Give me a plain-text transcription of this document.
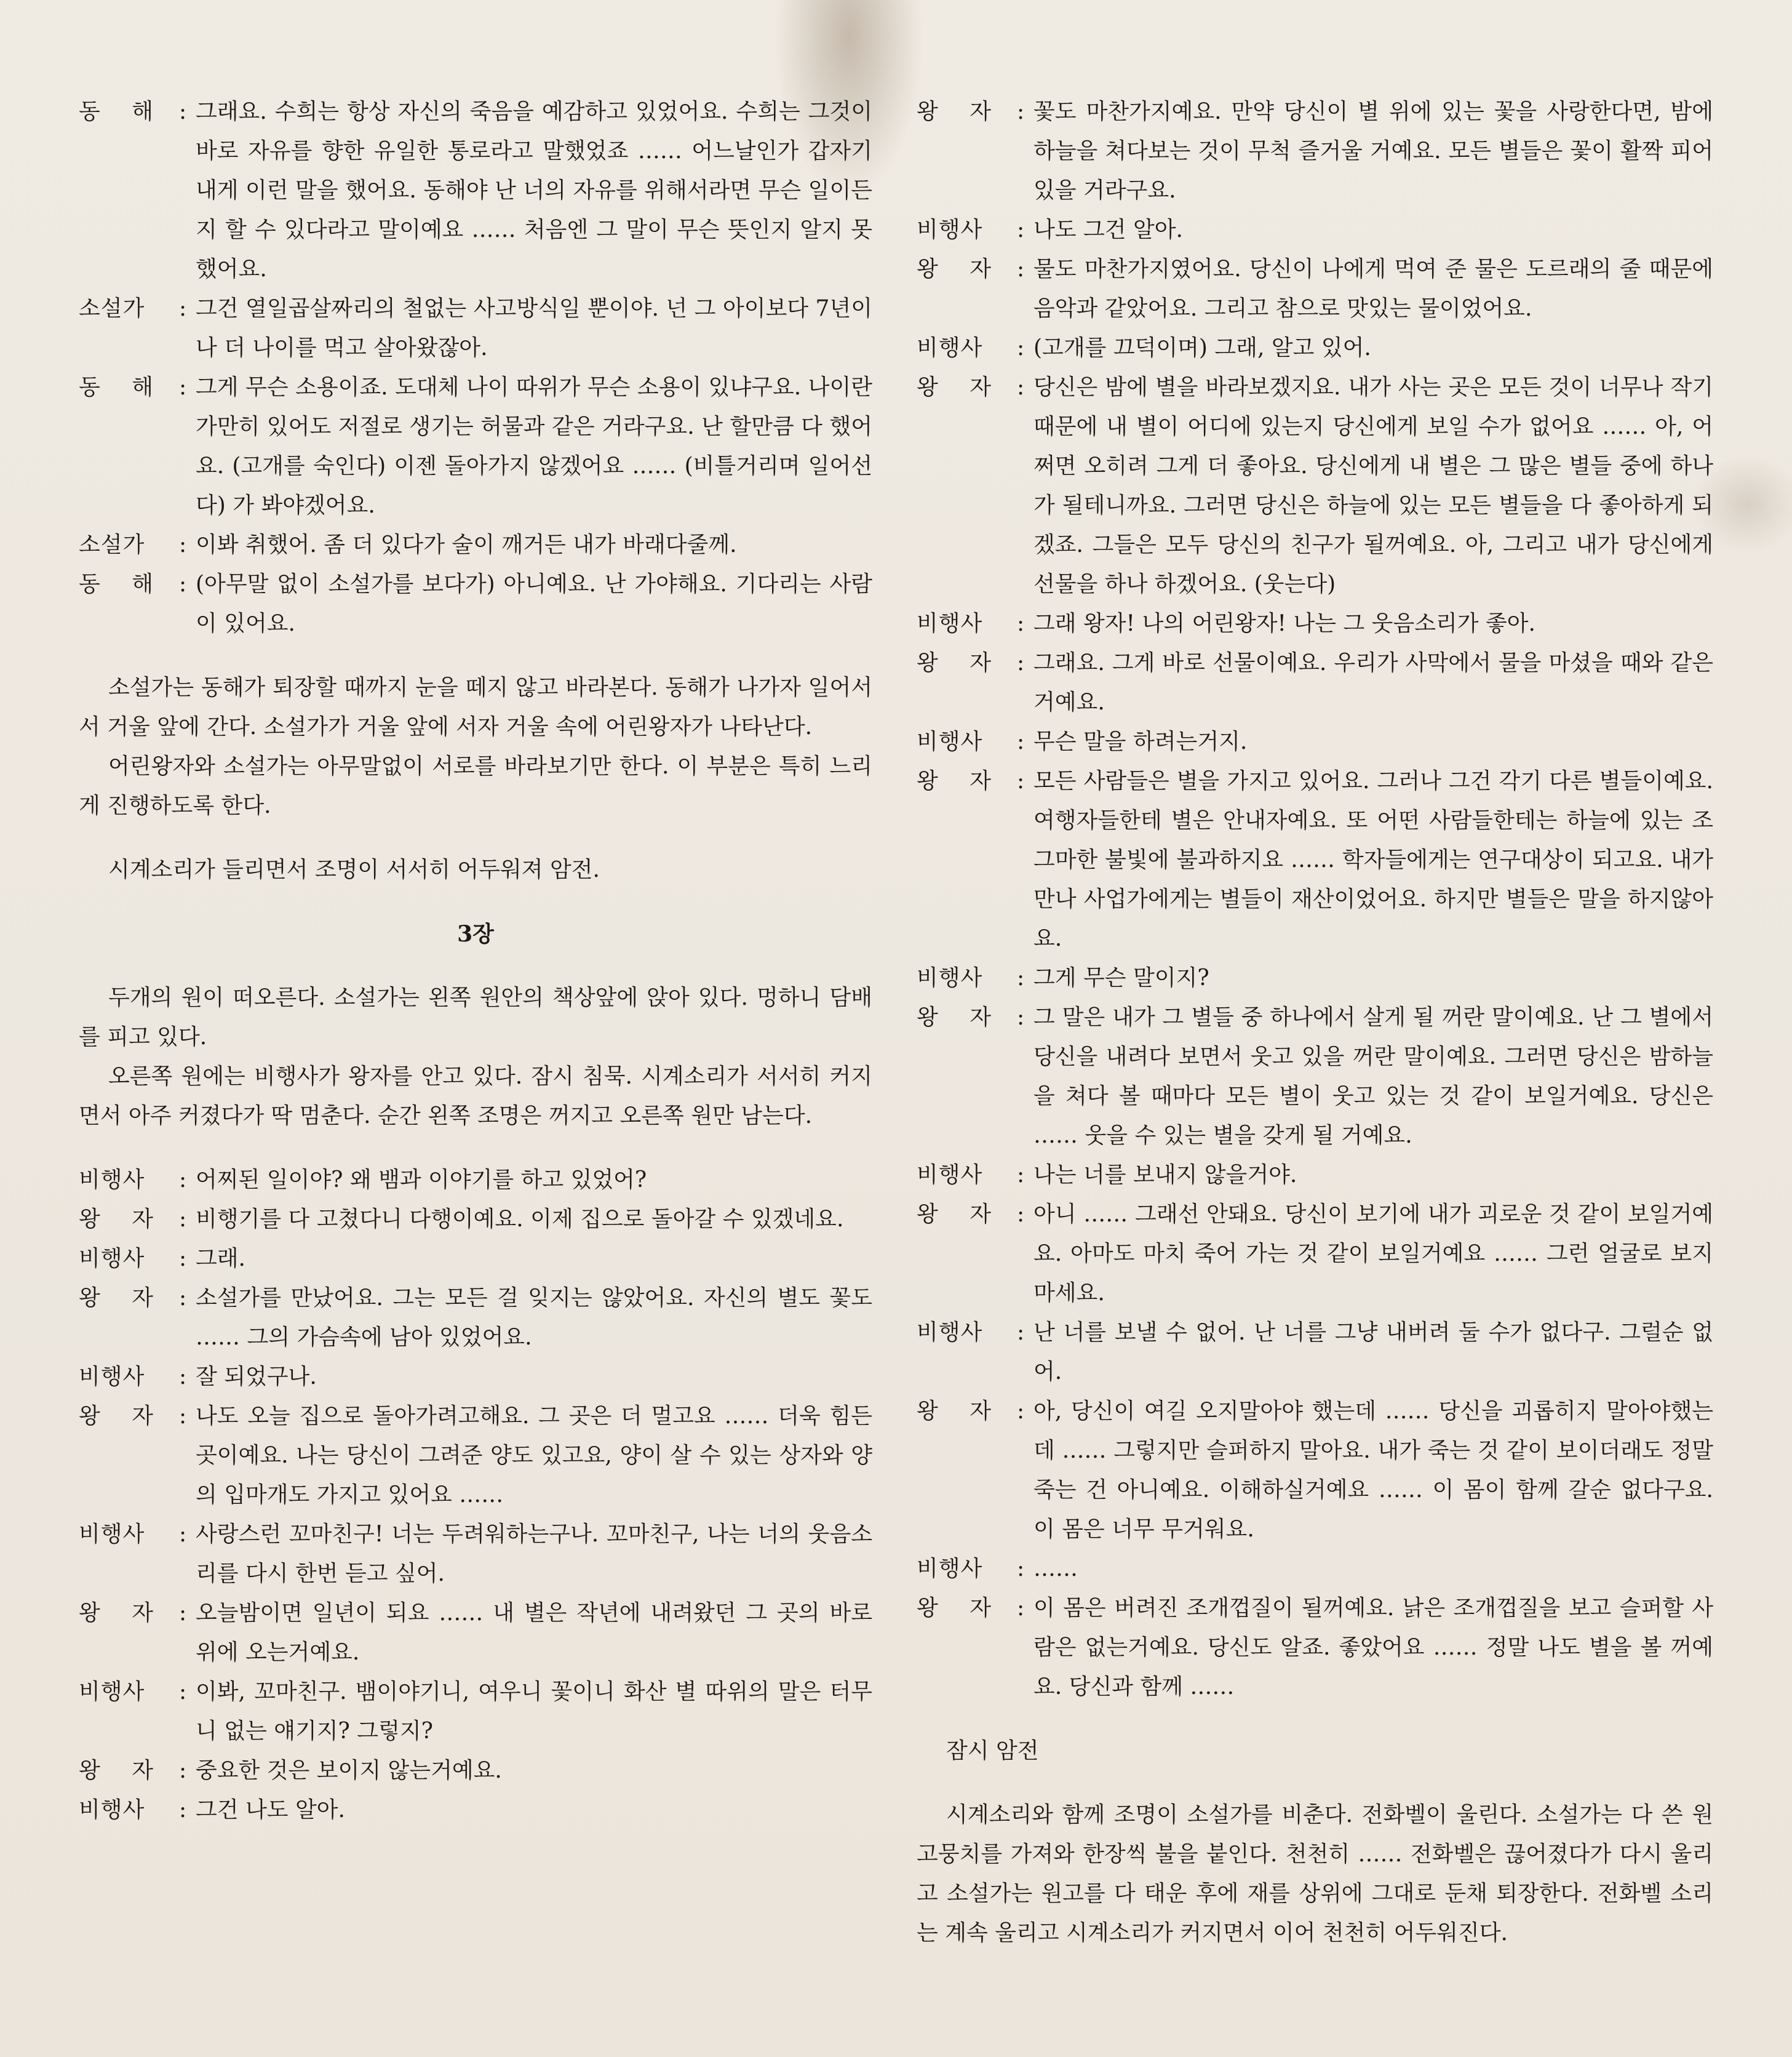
동 해 : 그래요. 수희는 항상 자신의 죽음을 예감하고 있었어요. 수희는 그것이 바로 자유를 향한 유일한 통로라고 말했었죠 …… 어느날인가 갑자기 내게 이런 말을 했어요. 동해야 난 너의 자유를 위해서라면 무슨 일이든지 할 수 있다라고 말이예요 …… 처음엔 그 말이 무슨 뜻인지 알지 못했어요.
소설가	: 그건 열일곱살짜리의 철없는 사고방식일 뿐이야. 넌 그 아이보다 7년이나 더 나이를 먹고 살아왔잖아.
동 해 : 그게 무슨 소용이죠. 도대체 나이 따위가 무슨 소용이 있냐구요. 나이란 가만히 있어도 저절로 생기는 허물과 같은 거라구요. 난 할만큼 다 했어요. (고개를 숙인다) 이젠 돌아가지 않겠어요 …… (비틀거리며 일어선다) 가 봐야겠어요.
소설가	: 이봐 취했어. 좀 더 있다가 술이 깨거든 내가 바래다줄께.
동 해 : (아무말 없이 소설가를 보다가) 아니예요. 난 가야해요. 기다리는 사람이 있어요.

소설가는 동해가 퇴장할 때까지 눈을 떼지 않고 바라본다. 동해가 나가자 일어서서 거울 앞에 간다. 소설가가 거울 앞에 서자 거울 속에 어린왕자가 나타난다.

어린왕자와 소설가는 아무말없이 서로를 바라보기만 한다. 이 부분은 특히 느리게 진행하도록 한다.

시계소리가 들리면서 조명이 서서히 어두워져 암전.

3장

두개의 원이 떠오른다. 소설가는 왼쪽 원안의 책상앞에 앉아 있다. 멍하니 담배를 피고 있다.

오른쪽 원에는 비행사가 왕자를 안고 있다. 잠시 침묵. 시계소리가 서서히 커지면서 아주 커졌다가 딱 멈춘다. 순간 왼쪽 조명은 꺼지고 오른쪽 원만 남는다.

비행사	: 어찌된 일이야? 왜 뱀과 이야기를 하고 있었어?
왕 자 : 비행기를 다 고쳤다니 다행이예요. 이제 집으로 돌아갈 수 있겠네요.
비행사	: 그래.
왕 자 : 소설가를 만났어요. 그는 모든 걸 잊지는 않았어요. 자신의 별도 꽃도 …… 그의 가슴속에 남아 있었어요.
비행사	: 잘 되었구나.
왕 자 : 나도 오늘 집으로 돌아가려고해요. 그 곳은 더 멀고요 …… 더욱 힘든 곳이예요. 나는 당신이 그려준 양도 있고요, 양이 살 수 있는 상자와 양의 입마개도 가지고 있어요 ……
비행사	: 사랑스런 꼬마친구! 너는 두려워하는구나. 꼬마친구, 나는 너의 웃음소리를 다시 한번 듣고 싶어.
왕 자 : 오늘밤이면 일년이 되요 …… 내 별은 작년에 내려왔던 그 곳의 바로 위에 오는거예요.
비행사	: 이봐, 꼬마친구. 뱀이야기니, 여우니 꽃이니 화산 별 따위의 말은 터무니 없는 얘기지? 그렇지?
왕 자 : 중요한 것은 보이지 않는거예요.
비행사	: 그건 나도 알아.
왕 자 : 꽃도 마찬가지예요. 만약 당신이 별 위에 있는 꽃을 사랑한다면, 밤에 하늘을 쳐다보는 것이 무척 즐거울 거예요. 모든 별들은 꽃이 활짝 피어 있을 거라구요.
비행사	: 나도 그건 알아.
왕 자 : 물도 마찬가지였어요. 당신이 나에게 먹여 준 물은 도르래의 줄 때문에 음악과 같았어요. 그리고 참으로 맛있는 물이었어요.
비행사	: (고개를 끄덕이며) 그래, 알고 있어.
왕 자 : 당신은 밤에 별을 바라보겠지요. 내가 사는 곳은 모든 것이 너무나 작기 때문에 내 별이 어디에 있는지 당신에게 보일 수가 없어요 …… 아, 어쩌면 오히려 그게 더 좋아요. 당신에게 내 별은 그 많은 별들 중에 하나가 될테니까요. 그러면 당신은 하늘에 있는 모든 별들을 다 좋아하게 되겠죠. 그들은 모두 당신의 친구가 될꺼예요. 아, 그리고 내가 당신에게 선물을 하나 하겠어요. (웃는다)
비행사	: 그래 왕자! 나의 어린왕자! 나는 그 웃음소리가 좋아.
왕 자 : 그래요. 그게 바로 선물이예요. 우리가 사막에서 물을 마셨을 때와 같은 거예요.
비행사	: 무슨 말을 하려는거지.
왕 자 : 모든 사람들은 별을 가지고 있어요. 그러나 그건 각기 다른 별들이예요. 여행자들한테 별은 안내자예요. 또 어떤 사람들한테는 하늘에 있는 조그마한 불빛에 불과하지요 …… 학자들에게는 연구대상이 되고요. 내가 만나 사업가에게는 별들이 재산이었어요. 하지만 별들은 말을 하지않아요.
비행사	: 그게 무슨 말이지?
왕 자 : 그 말은 내가 그 별들 중 하나에서 살게 될 꺼란 말이예요. 난 그 별에서 당신을 내려다 보면서 웃고 있을 꺼란 말이예요. 그러면 당신은 밤하늘을 쳐다 볼 때마다 모든 별이 웃고 있는 것 같이 보일거예요. 당신은 …… 웃을 수 있는 별을 갖게 될 거예요.
비행사	: 나는 너를 보내지 않을거야.
왕 자 : 아니 …… 그래선 안돼요. 당신이 보기에 내가 괴로운 것 같이 보일거예요. 아마도 마치 죽어 가는 것 같이 보일거예요 …… 그런 얼굴로 보지마세요.
비행사	: 난 너를 보낼 수 없어. 난 너를 그냥 내버려 둘 수가 없다구. 그럴순 없어.
왕 자 : 아, 당신이 여길 오지말아야 했는데 …… 당신을 괴롭히지 말아야했는데 …… 그렇지만 슬퍼하지 말아요. 내가 죽는 것 같이 보이더래도 정말 죽는 건 아니예요. 이해하실거예요 …… 이 몸이 함께 갈순 없다구요. 이 몸은 너무 무거워요.
비행사	: ……
왕 자 : 이 몸은 버려진 조개껍질이 될꺼예요. 낡은 조개껍질을 보고 슬퍼할 사람은 없는거예요. 당신도 알죠. 좋았어요 …… 정말 나도 별을 볼 꺼예요. 당신과 함께 ……

잠시 암전

시계소리와 함께 조명이 소설가를 비춘다. 전화벨이 울린다. 소설가는 다 쓴 원고뭉치를 가져와 한장씩 불을 붙인다. 천천히 …… 전화벨은 끊어졌다가 다시 울리고 소설가는 원고를 다 태운 후에 재를 상위에 그대로 둔채 퇴장한다. 전화벨 소리는 계속 울리고 시계소리가 커지면서 이어 천천히 어두워진다.
